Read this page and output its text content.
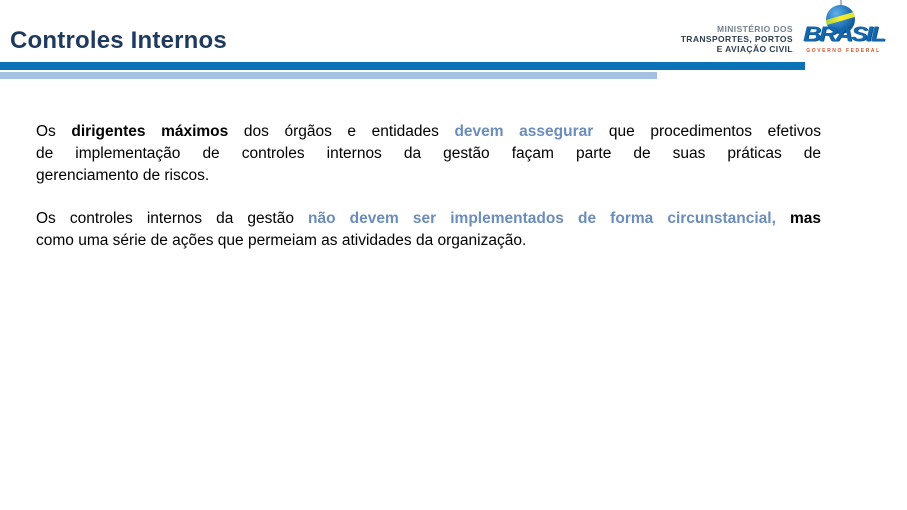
Controles Internos	MINISTÉRIO DOS
TRANSPORTES, PORTOS
E AVIAÇÃO CIVIL
BRASIL
GOVERNO FEDERAL
Os dirigentes máximos dos órgãos e entidades devem assegurar que procedimentos efetivos
de implementação de controles internos da gestão façam parte de suas práticas de
gerenciamento de riscos.
Os controles internos da gestão não devem ser implementados de forma circunstancial, mas
como uma série de ações que permeiam as atividades da organização.
